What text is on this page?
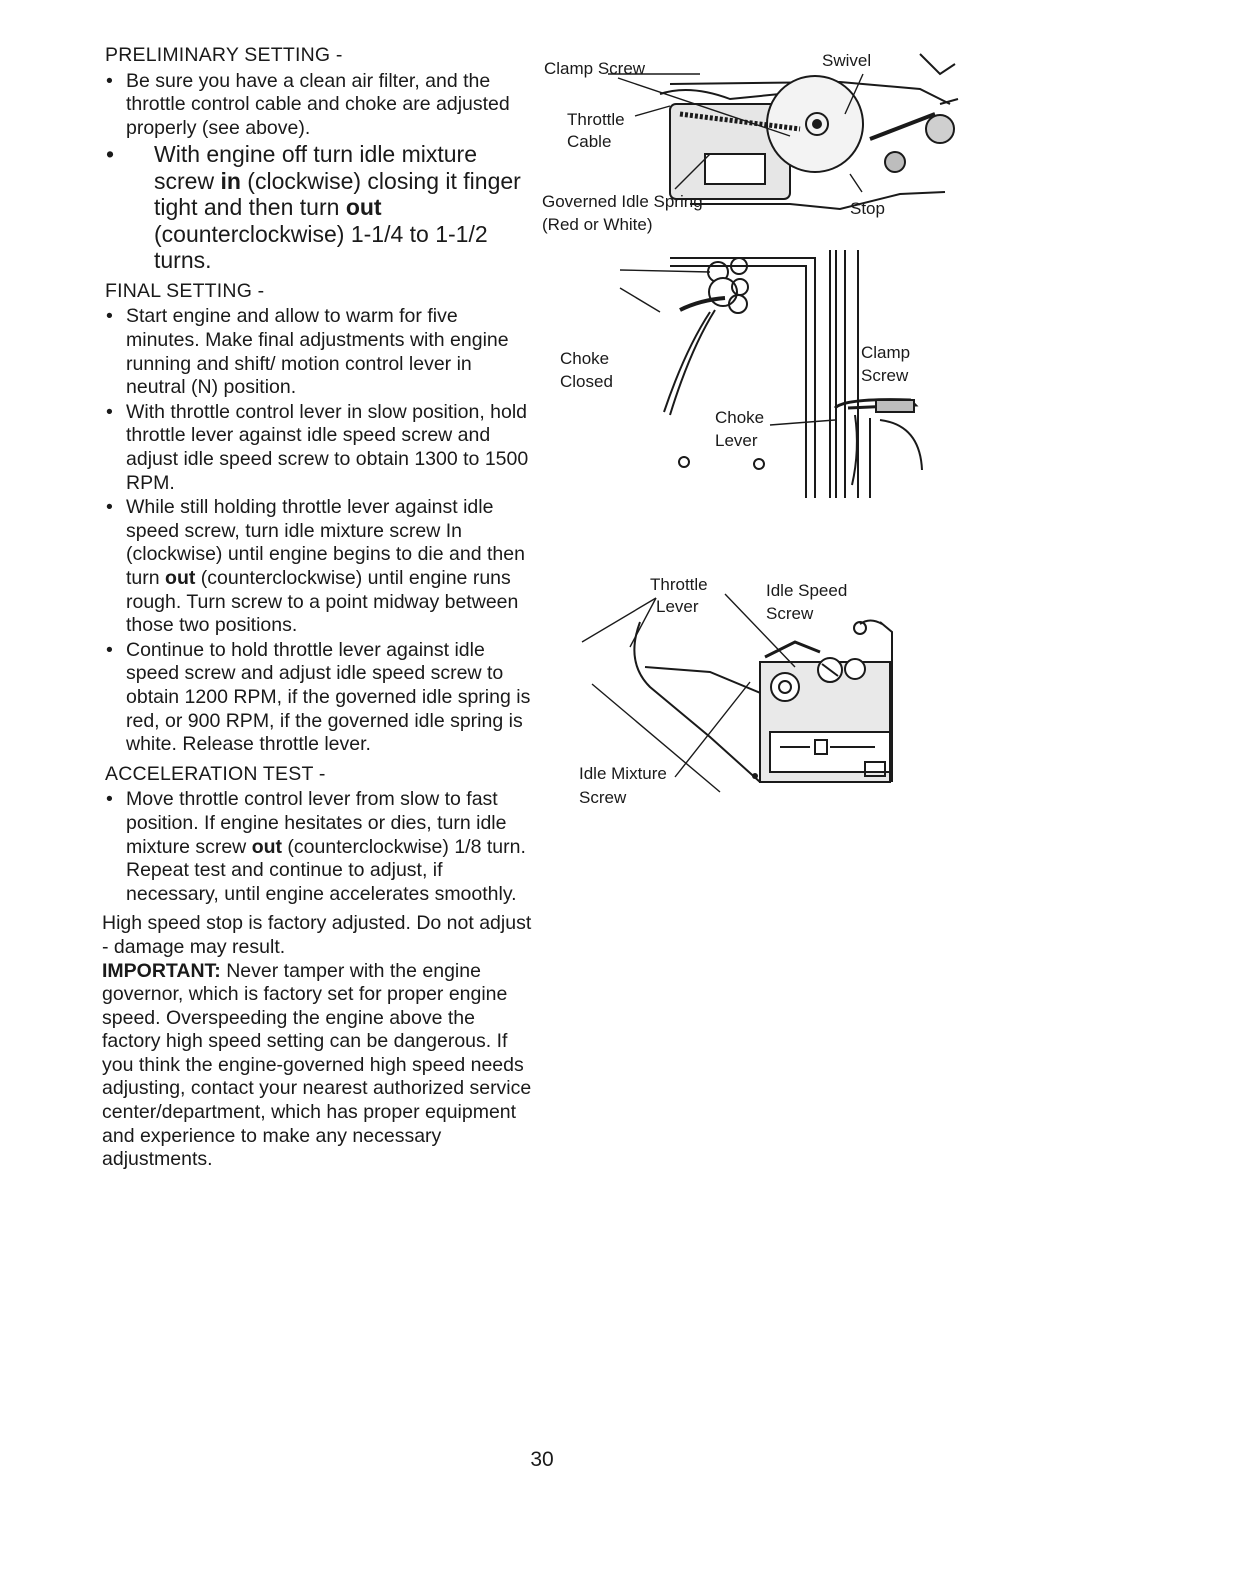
PRELIMINARY SETTING -
• Be sure you have a clean air filter, and the throttle control cable and choke are adjusted properly (see above).
• With engine off turn idle mixture screw in (clockwise) closing it finger tight and then turn out (counterclockwise) 1-1/4 to 1-1/2 turns.
FINAL SETTING -
• Start engine and allow to warm for five minutes. Make final adjustments with engine running and shift/ motion control lever in neutral (N) position.
• With throttle control lever in slow position, hold throttle lever against idle speed screw and adjust idle speed screw to obtain 1300 to 1500 RPM.
• While still holding throttle lever against idle speed screw, turn idle mixture screw In (clockwise) until engine begins to die and then turn out (counterclockwise) until engine runs rough. Turn screw to a point midway between those two positions.
• Continue to hold throttle lever against idle speed screw and adjust idle speed screw to obtain 1200 RPM, if the governed idle spring is red, or 900 RPM, if the governed idle spring is white. Release throttle lever.
ACCELERATION TEST -
• Move throttle control lever from slow to fast position. If engine hesitates or dies, turn idle mixture screw out (counterclockwise) 1/8 turn. Repeat test and continue to adjust, if necessary, until engine accelerates smoothly.

High speed stop is factory adjusted. Do not adjust - damage may result.

IMPORTANT: Never tamper with the engine governor, which is factory set for proper engine speed. Overspeeding the engine above the factory high speed setting can be dangerous. If you think the engine-governed high speed needs adjusting, contact your nearest authorized service center/department, which has proper equipment and experience to make any necessary adjustments.

Clamp Screw	Swivel
Throttle
Cable
Governed Idle Spring
(Red or White)
Stop
Choke
Closed
Clamp
Screw
Choke
Lever
Throttle
Lever
Idle Speed
Screw
Idle Mixture
Screw
30
